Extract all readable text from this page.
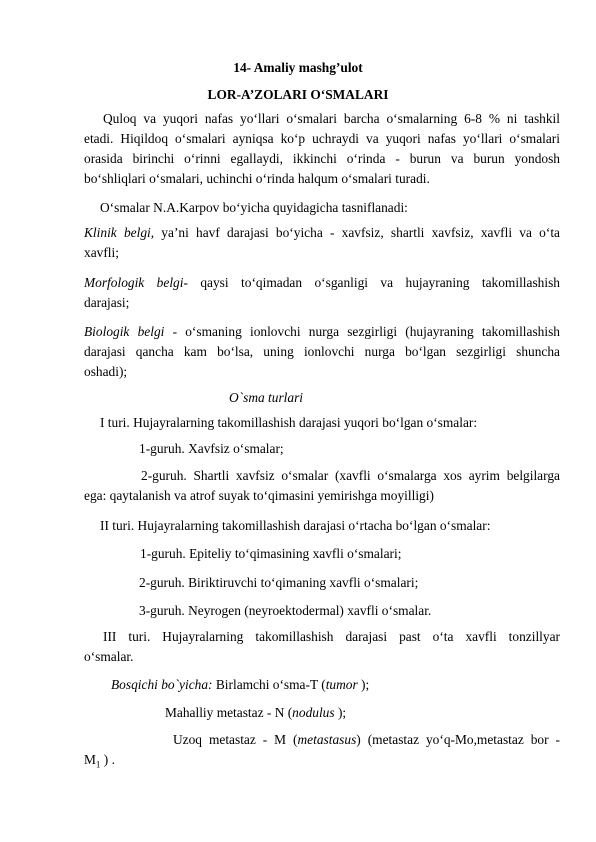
14- Amaliy mashg’ulot
LOR-A’ZOLARI O‘SMALARI
Quloq va yuqori nafas yo‘llari o‘smalari barcha o‘smalarning 6-8 % ni tashkil
etadi. Hiqildoq o‘smalari ayniqsa ko‘p uchraydi va yuqori nafas yo‘llari o‘smalari
orasida birinchi o‘rinni egallaydi, ikkinchi o‘rinda - burun va burun yondosh
bo‘shliqlari o‘smalari, uchinchi o‘rinda halqum o‘smalari turadi.
O‘smalar N.A.Karpov bo‘yicha quyidagicha tasniflanadi:
Klinik belgi, ya’ni havf darajasi bo‘yicha - xavfsiz, shartli xavfsiz, xavfli va o‘ta
xavfli;
Morfologik belgi- qaysi to‘qimadan o‘sganligi va hujayraning takomillashish
darajasi;
Biologik belgi - o‘smaning ionlovchi nurga sezgirligi (hujayraning takomillashish
darajasi qancha kam bo‘lsa, uning ionlovchi nurga bo‘lgan sezgirligi shuncha
oshadi);
O`sma turlari
I turi. Hujayralarning takomillashish darajasi yuqori bo‘lgan o‘smalar:
1-guruh. Xavfsiz o‘smalar;
2-guruh. Shartli xavfsiz o‘smalar (xavfli o‘smalarga xos ayrim belgilarga
ega: qaytalanish va atrof suyak to‘qimasini yemirishga moyilligi)
II turi. Hujayralarning takomillashish darajasi o‘rtacha bo‘lgan o‘smalar:
1-guruh. Epiteliy to‘qimasining xavfli o‘smalari;
2-guruh. Biriktiruvchi to‘qimaning xavfli o‘smalari;
3-guruh. Neyrogen (neyroektodermal) xavfli o‘smalar.
III turi. Hujayralarning takomillashish darajasi past o‘ta xavfli tonzillyar
o‘smalar.
Bosqichi bo`yicha: Birlamchi o‘sma-T (tumor );
Mahalliy metastaz - N (nodulus );
Uzoq metastaz - M (metastasus) (metastaz yo‘q-Mo,metastaz bor -
$M_1$ ) .
